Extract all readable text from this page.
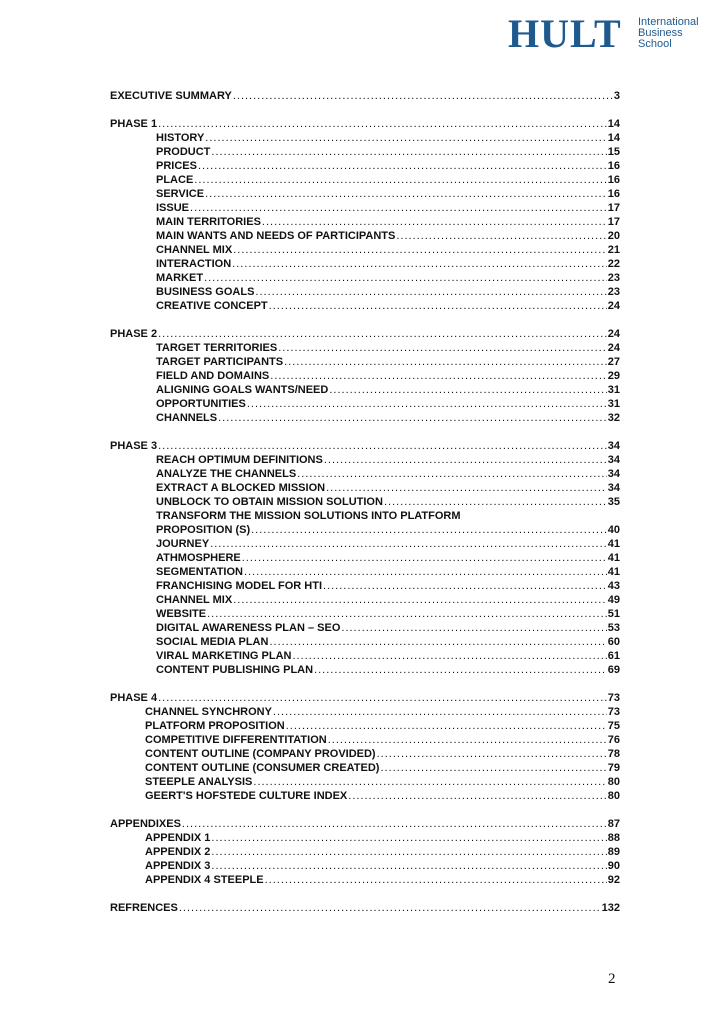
HULT International
Business
School
EXECUTIVE SUMMARY .....	3
PHASE 1 .....	14
HISTORY .....	14
PRODUCT .....	15
PRICES .....	16
PLACE .....	16
SERVICE .....	16
ISSUE .....	17
MAIN TERRITORIES .....	17
MAIN WANTS AND NEEDS OF PARTICIPANTS .....	20
CHANNEL MIX .....	21
INTERACTION .....	22
MARKET .....	23
BUSINESS GOALS .....	23
CREATIVE CONCEPT .....	24
PHASE 2 .....	24
TARGET TERRITORIES .....	24
TARGET PARTICIPANTS .....	27
FIELD AND DOMAINS .....	29
ALIGNING GOALS WANTS/NEED .....	31
OPPORTUNITIES .....	31
CHANNELS .....	32
PHASE 3 .....	34
REACH OPTIMUM DEFINITIONS .....	34
ANALYZE THE CHANNELS .....	34
EXTRACT A BLOCKED MISSION .....	34
UNBLOCK TO OBTAIN MISSION SOLUTION .....	35
TRANSFORM THE MISSION SOLUTIONS INTO PLATFORM
PROPOSITION (S) .....	40
JOURNEY .....	41
ATHMOSPHERE .....	41
SEGMENTATION .....	41
FRANCHISING MODEL FOR HTI .....	43
CHANNEL MIX .....	49
WEBSITE .....	51
DIGITAL AWARENESS PLAN – SEO .....	53
SOCIAL MEDIA PLAN .....	60
VIRAL MARKETING PLAN .....	61
CONTENT PUBLISHING PLAN .....	69
PHASE 4 .....	73
CHANNEL SYNCHRONY .....	73
PLATFORM PROPOSITION .....	75
COMPETITIVE DIFFERENTITATION .....	76
CONTENT OUTLINE (COMPANY PROVIDED) .....	78
CONTENT OUTLINE (CONSUMER CREATED) .....	79
STEEPLE ANALYSIS .....	80
GEERT'S HOFSTEDE CULTURE INDEX .....	80
APPENDIXES .....	87
APPENDIX 1 .....	88
APPENDIX 2 .....	89
APPENDIX 3 .....	90
APPENDIX 4 STEEPLE .....	92
REFRENCES .....	132
2
